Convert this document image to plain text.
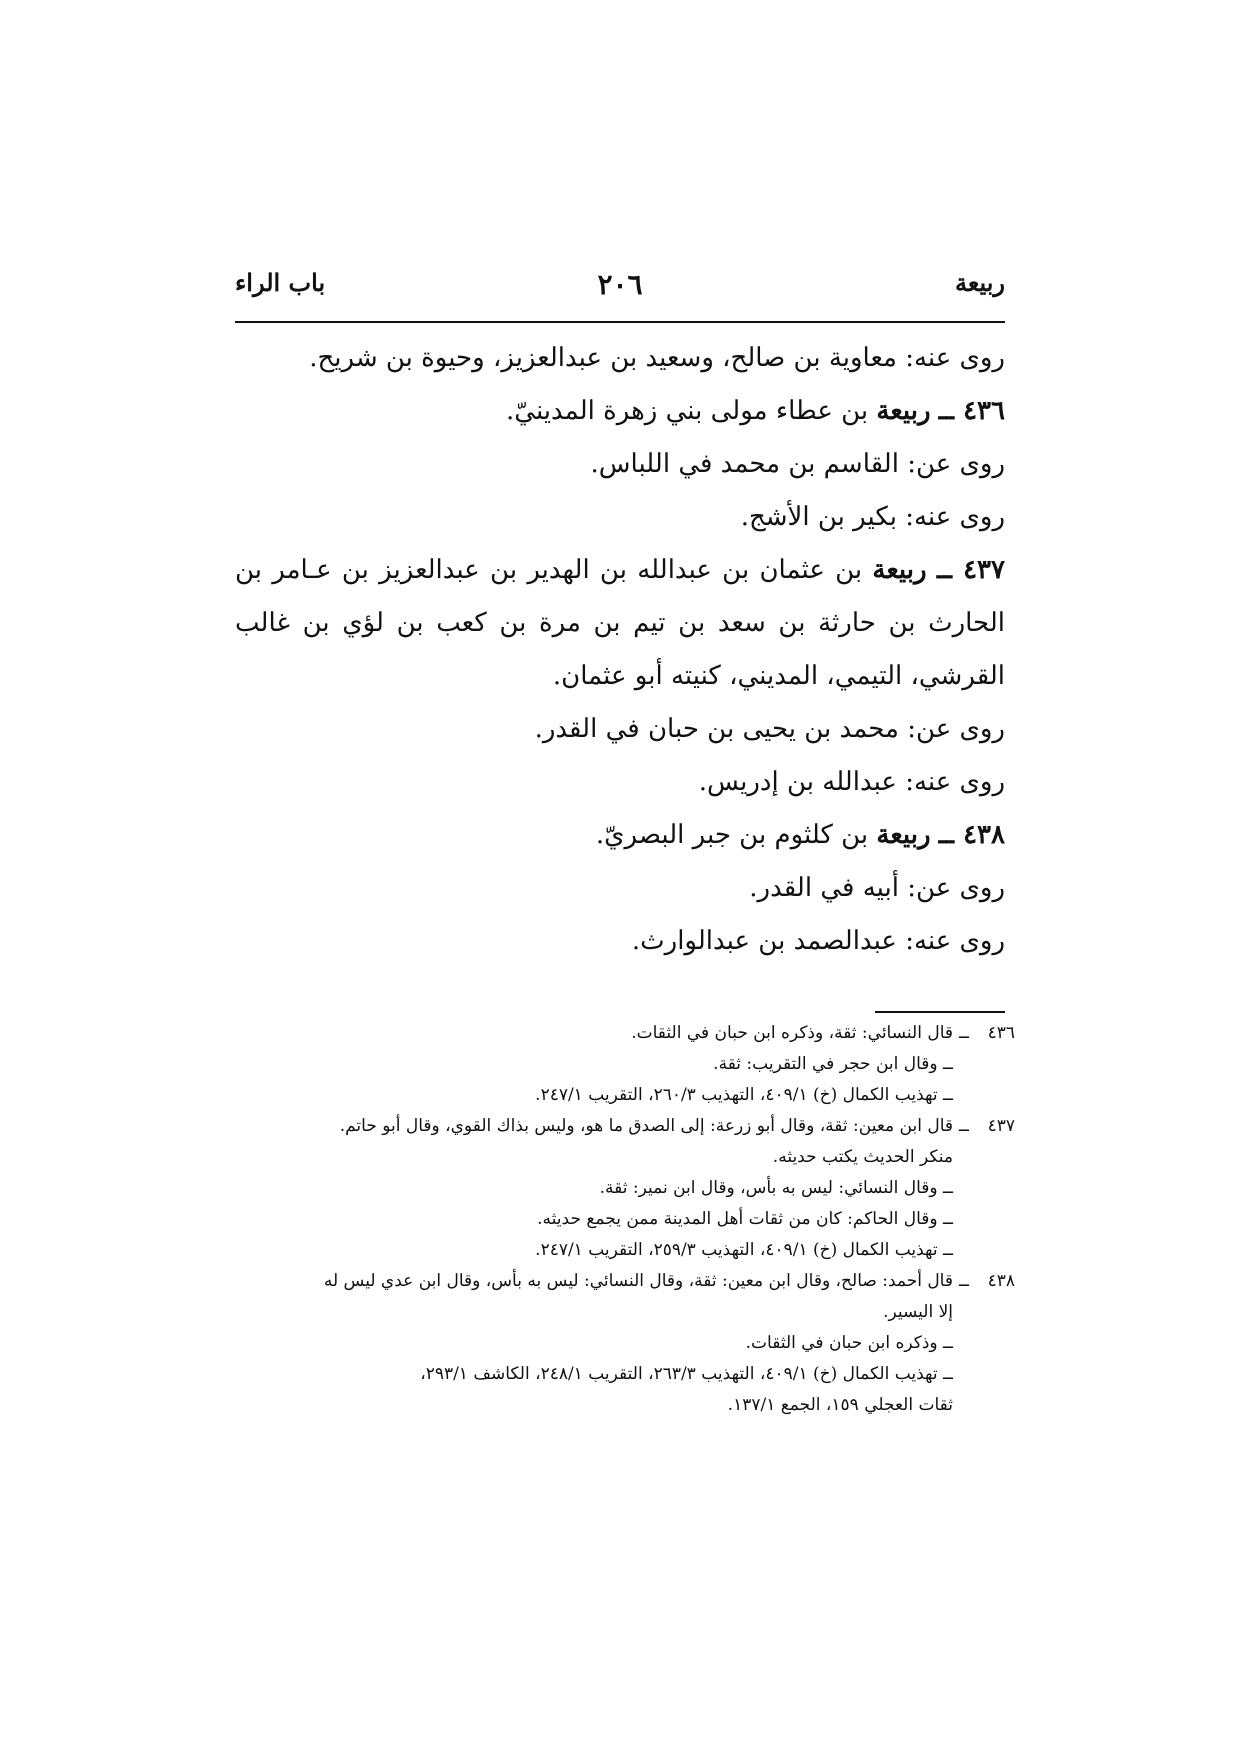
ربيعة
٢٠٦
باب الراء

روى عنه: معاوية بن صالح، وسعيد بن عبدالعزيز، وحيوة بن شريح.

٤٣٦ ــ ربيعة بن عطاء مولى بني زهرة المدينيّ.

روى عن: القاسم بن محمد في اللباس.

روى عنه: بكير بن الأشج.

٤٣٧ ــ ربيعة بن عثمان بن عبدالله بن الهدير بن عبدالعزيز بن عـامر بن الحارث بن حارثة بن سعد بن تيم بن مرة بن كعب بن لؤي بن غالب القرشي، التيمي، المديني، كنيته أبو عثمان.

روى عن: محمد بن يحيى بن حبان في القدر.

روى عنه: عبدالله بن إدريس.

٤٣٨ ــ ربيعة بن كلثوم بن جبر البصريّ.

روى عن: أبيه في القدر.

روى عنه: عبدالصمد بن عبدالوارث.

٤٣٦
ــ
قال النسائي: ثقة، وذكره ابن حبان في الثقات.
ــ وقال ابن حجر في التقريب: ثقة.
ــ تهذيب الكمال (خ) ٤٠٩/١، التهذيب ٢٦٠/٣، التقريب ٢٤٧/١.
٤٣٧
ــ
قال ابن معين: ثقة، وقال أبو زرعة: إلى الصدق ما هو، وليس بذاك القوي، وقال أبو حاتم.
منكر الحديث يكتب حديثه.
ــ وقال النسائي: ليس به بأس، وقال ابن نمير: ثقة.
ــ وقال الحاكم: كان من ثقات أهل المدينة ممن يجمع حديثه.
ــ تهذيب الكمال (خ) ٤٠٩/١، التهذيب ٢٥٩/٣، التقريب ٢٤٧/١.
٤٣٨
ــ
قال أحمد: صالح، وقال ابن معين: ثقة، وقال النسائي: ليس به بأس، وقال ابن عدي ليس له
إلا اليسير.
ــ وذكره ابن حبان في الثقات.
ــ تهذيب الكمال (خ) ٤٠٩/١، التهذيب ٢٦٣/٣، التقريب ٢٤٨/١، الكاشف ٢٩٣/١،
ثقات العجلي ١٥٩، الجمع ١٣٧/١.
